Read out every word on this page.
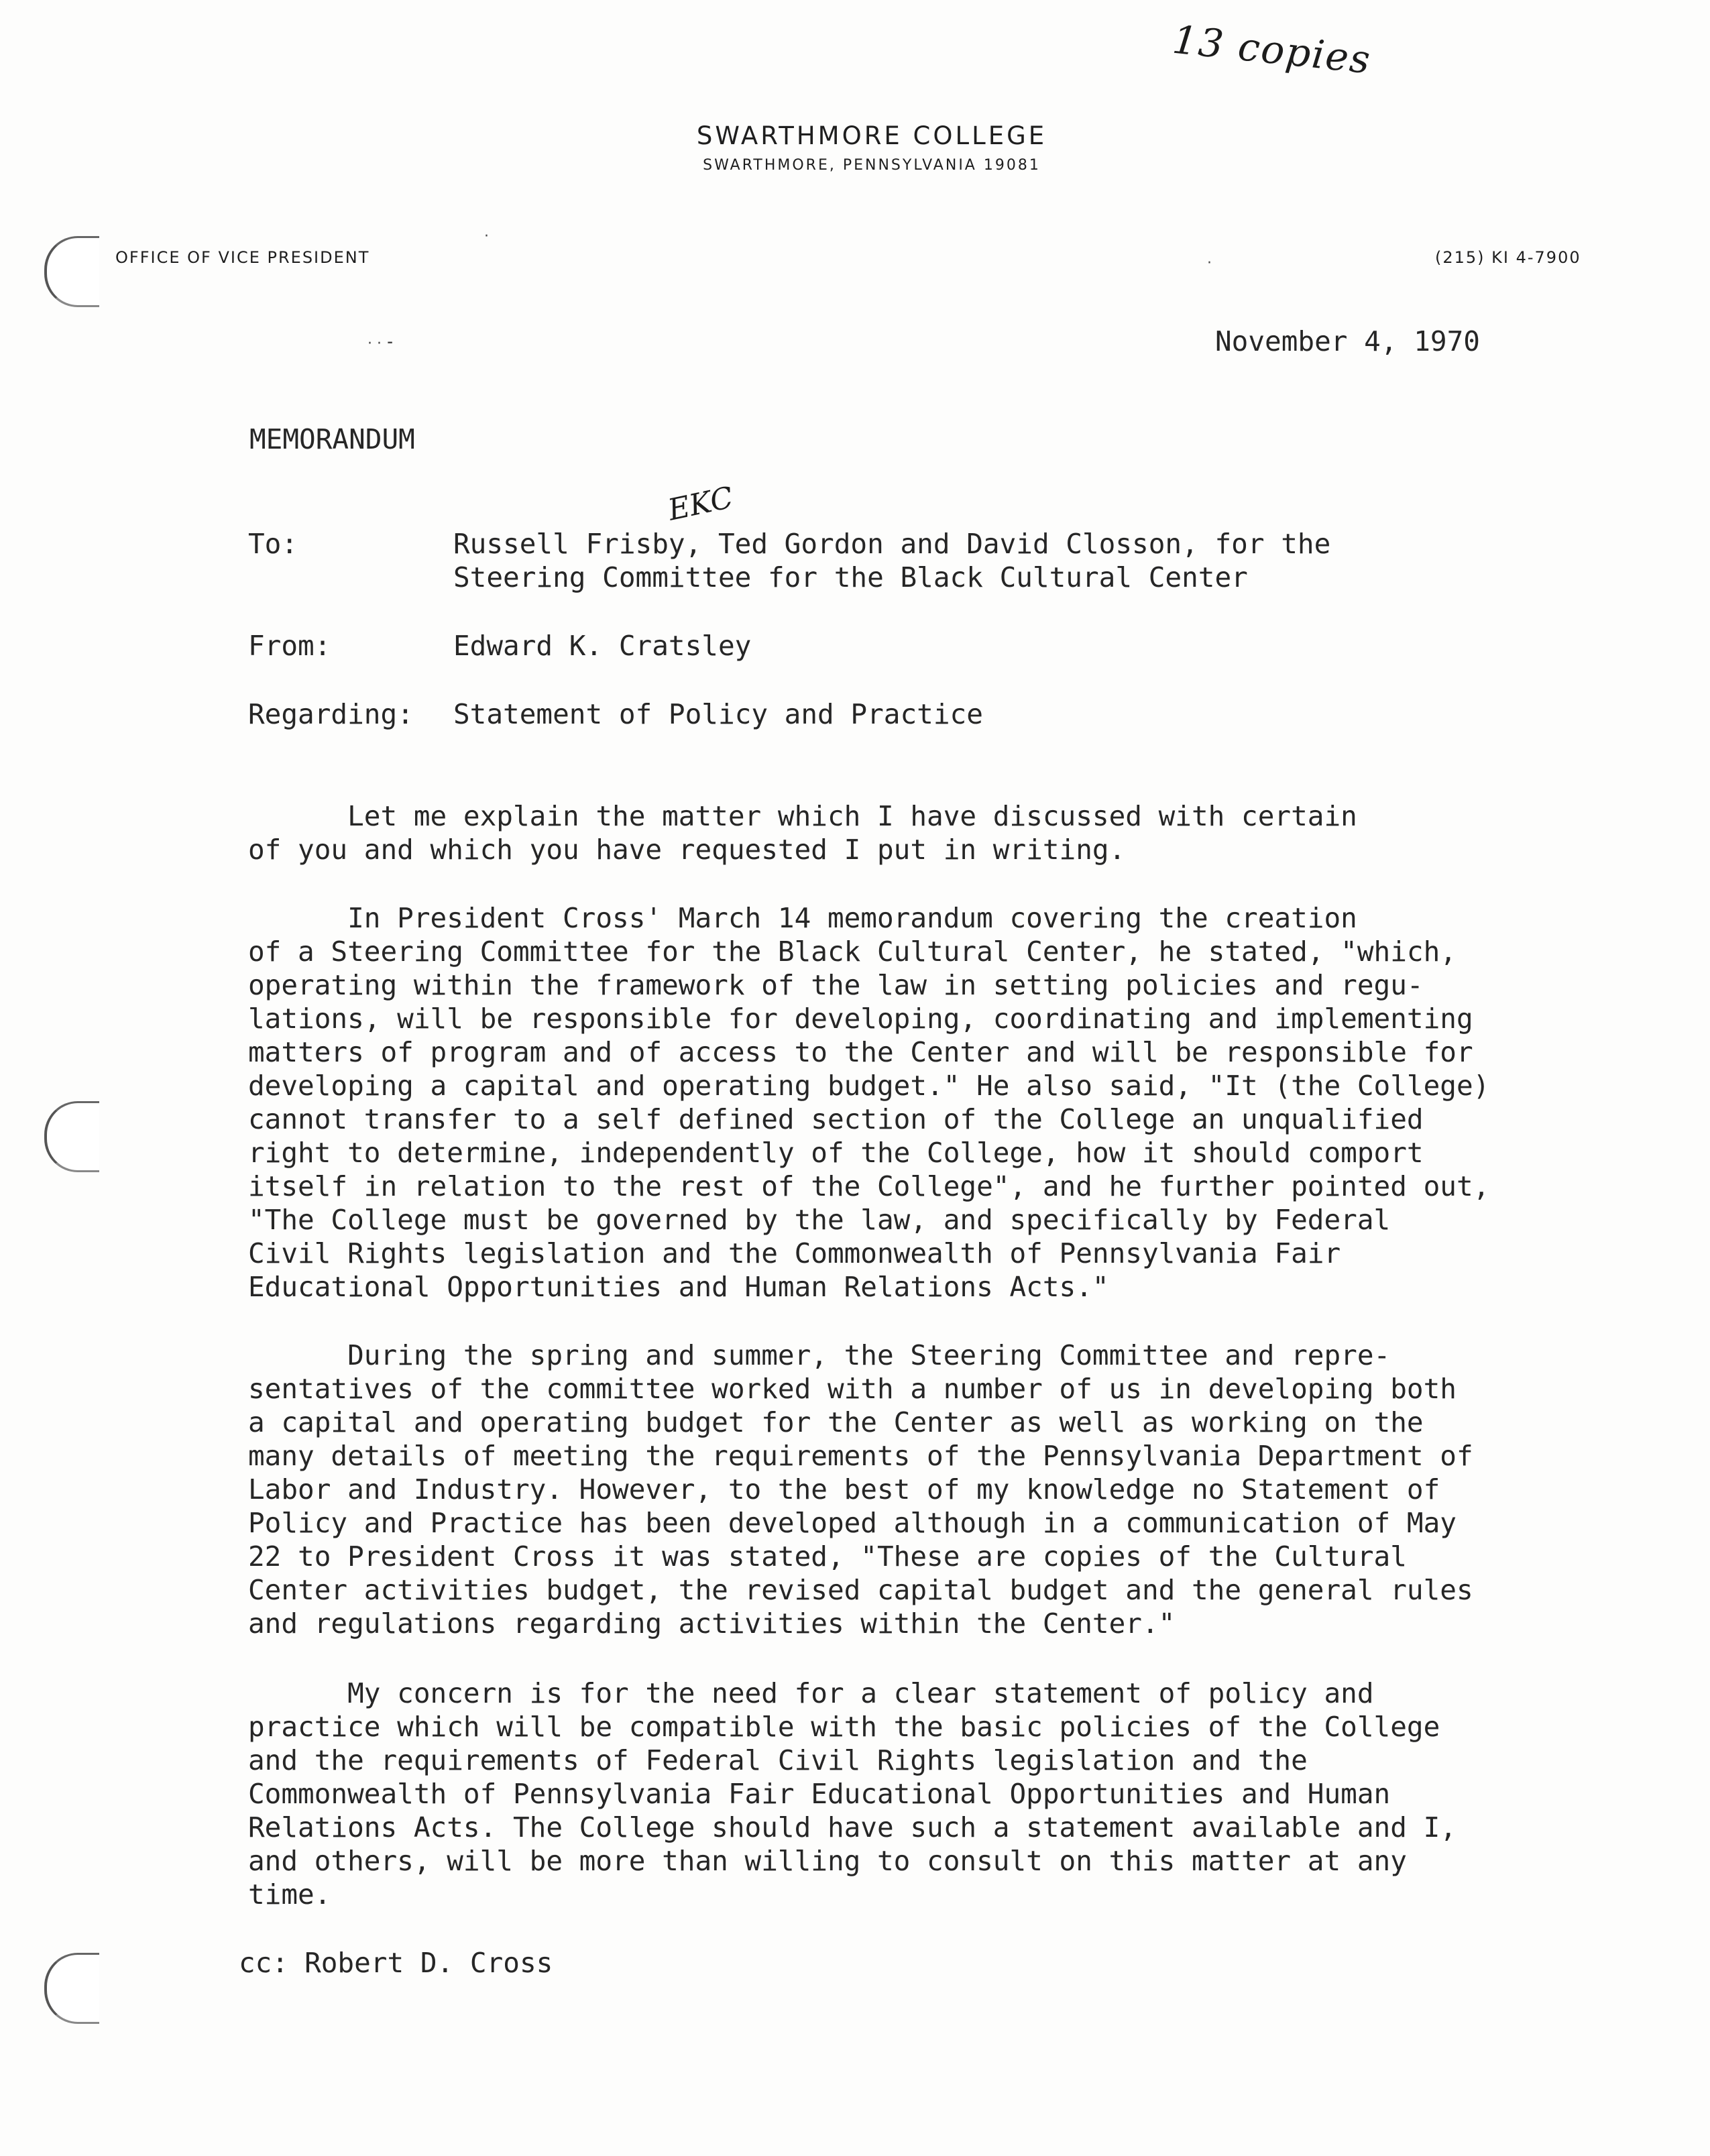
· · ⁃
·
·
13 copies
EKC
SWARTHMORE COLLEGE
SWARTHMORE, PENNSYLVANIA 19081
OFFICE OF VICE PRESIDENT	(215) KI 4-7900
November 4, 1970
MEMORANDUM
To:	Russell Frisby, Ted Gordon and David Closson, for the
Steering Committee for the Black Cultural Center
From:	Edward K. Cratsley
Regarding: Statement of Policy and Practice
Let me explain the matter which I have discussed with certain
of you and which you have requested I put in writing.
In President Cross' March 14 memorandum covering the creation
of a Steering Committee for the Black Cultural Center, he stated, "which,
operating within the framework of the law in setting policies and regu-
lations, will be responsible for developing, coordinating and implementing
matters of program and of access to the Center and will be responsible for
developing a capital and operating budget." He also said, "It (the College)
cannot transfer to a self defined section of the College an unqualified
right to determine, independently of the College, how it should comport
itself in relation to the rest of the College", and he further pointed out,
"The College must be governed by the law, and specifically by Federal
Civil Rights legislation and the Commonwealth of Pennsylvania Fair
Educational Opportunities and Human Relations Acts."
During the spring and summer, the Steering Committee and repre-
sentatives of the committee worked with a number of us in developing both
a capital and operating budget for the Center as well as working on the
many details of meeting the requirements of the Pennsylvania Department of
Labor and Industry. However, to the best of my knowledge no Statement of
Policy and Practice has been developed although in a communication of May
22 to President Cross it was stated, "These are copies of the Cultural
Center activities budget, the revised capital budget and the general rules
and regulations regarding activities within the Center."
My concern is for the need for a clear statement of policy and
practice which will be compatible with the basic policies of the College
and the requirements of Federal Civil Rights legislation and the
Commonwealth of Pennsylvania Fair Educational Opportunities and Human
Relations Acts. The College should have such a statement available and I,
and others, will be more than willing to consult on this matter at any
time.
cc: Robert D. Cross
